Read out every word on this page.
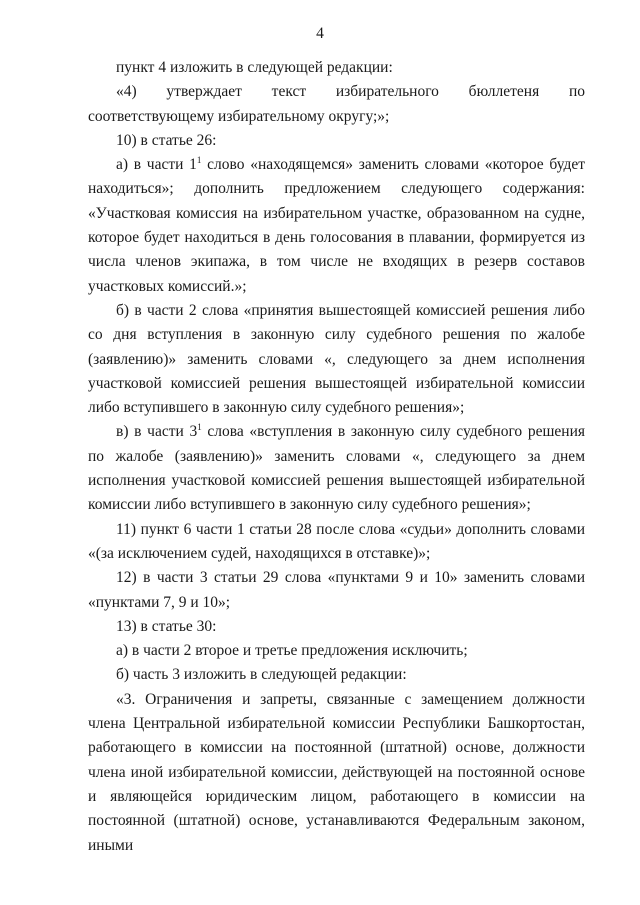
4

пункт 4 изложить в следующей редакции:

«4) утверждает текст избирательного бюллетеня по соответствующему избирательному округу;»;

10) в статье 26:

а) в части $1^1$ слово «находящемся» заменить словами «которое будет находиться»; дополнить предложением следующего содержания:

«Участковая комиссия на избирательном участке, образованном на судне, которое будет находиться в день голосования в плавании, формируется из числа членов экипажа, в том числе не входящих в резерв составов участковых комиссий.»;

б) в части 2 слова «принятия вышестоящей комиссией решения либо со дня вступления в законную силу судебного решения по жалобе (заявлению)» заменить словами «, следующего за днем исполнения участковой комиссией решения вышестоящей избирательной комиссии либо вступившего в законную силу судебного решения»;

в) в части $3^1$ слова «вступления в законную силу судебного решения по жалобе (заявлению)» заменить словами «, следующего за днем исполнения участковой комиссией решения вышестоящей избирательной комиссии либо вступившего в законную силу судебного решения»;

11) пункт 6 части 1 статьи 28 после слова «судьи» дополнить словами «(за исключением судей, находящихся в отставке)»;

12) в части 3 статьи 29 слова «пунктами 9 и 10» заменить словами «пунктами 7, 9 и 10»;

13) в статье 30:

а) в части 2 второе и третье предложения исключить;

б) часть 3 изложить в следующей редакции:

«3. Ограничения и запреты, связанные с замещением должности члена Центральной избирательной комиссии Республики Башкортостан, работающего в комиссии на постоянной (штатной) основе, должности члена иной избирательной комиссии, действующей на постоянной основе и являющейся юридическим лицом, работающего в комиссии на постоянной (штатной) основе, устанавливаются Федеральным законом, иными
